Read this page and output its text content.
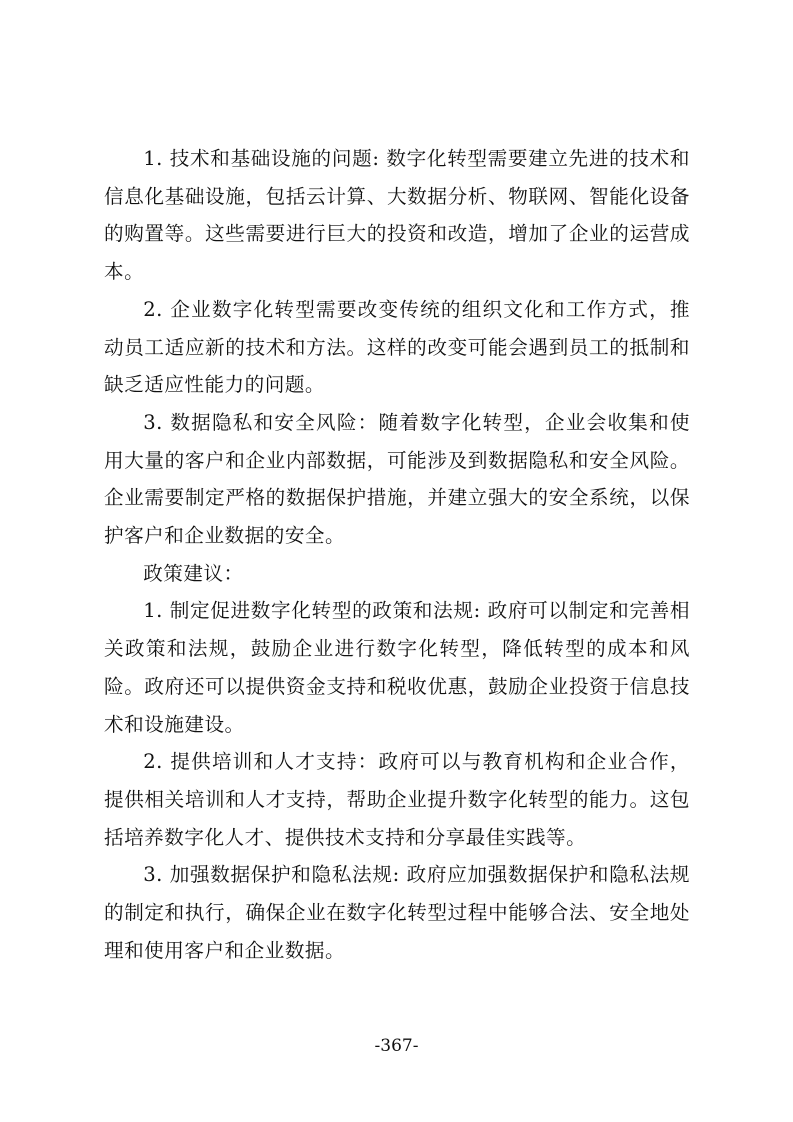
1. 技术和基础设施的问题: 数字化转型需要建立先进的技术和信息化基础设施，包括云计算、大数据分析、物联网、智能化设备的购置等。这些需要进行巨大的投资和改造，增加了企业的运营成本。

2. 企业数字化转型需要改变传统的组织文化和工作方式，推动员工适应新的技术和方法。这样的改变可能会遇到员工的抵制和缺乏适应性能力的问题。

3. 数据隐私和安全风险：随着数字化转型，企业会收集和使用大量的客户和企业内部数据，可能涉及到数据隐私和安全风险。企业需要制定严格的数据保护措施，并建立强大的安全系统，以保护客户和企业数据的安全。

政策建议：

1. 制定促进数字化转型的政策和法规: 政府可以制定和完善相关政策和法规，鼓励企业进行数字化转型，降低转型的成本和风险。政府还可以提供资金支持和税收优惠，鼓励企业投资于信息技术和设施建设。

2. 提供培训和人才支持：政府可以与教育机构和企业合作，提供相关培训和人才支持，帮助企业提升数字化转型的能力。这包括培养数字化人才、提供技术支持和分享最佳实践等。

3. 加强数据保护和隐私法规: 政府应加强数据保护和隐私法规的制定和执行，确保企业在数字化转型过程中能够合法、安全地处理和使用客户和企业数据。

-367-
